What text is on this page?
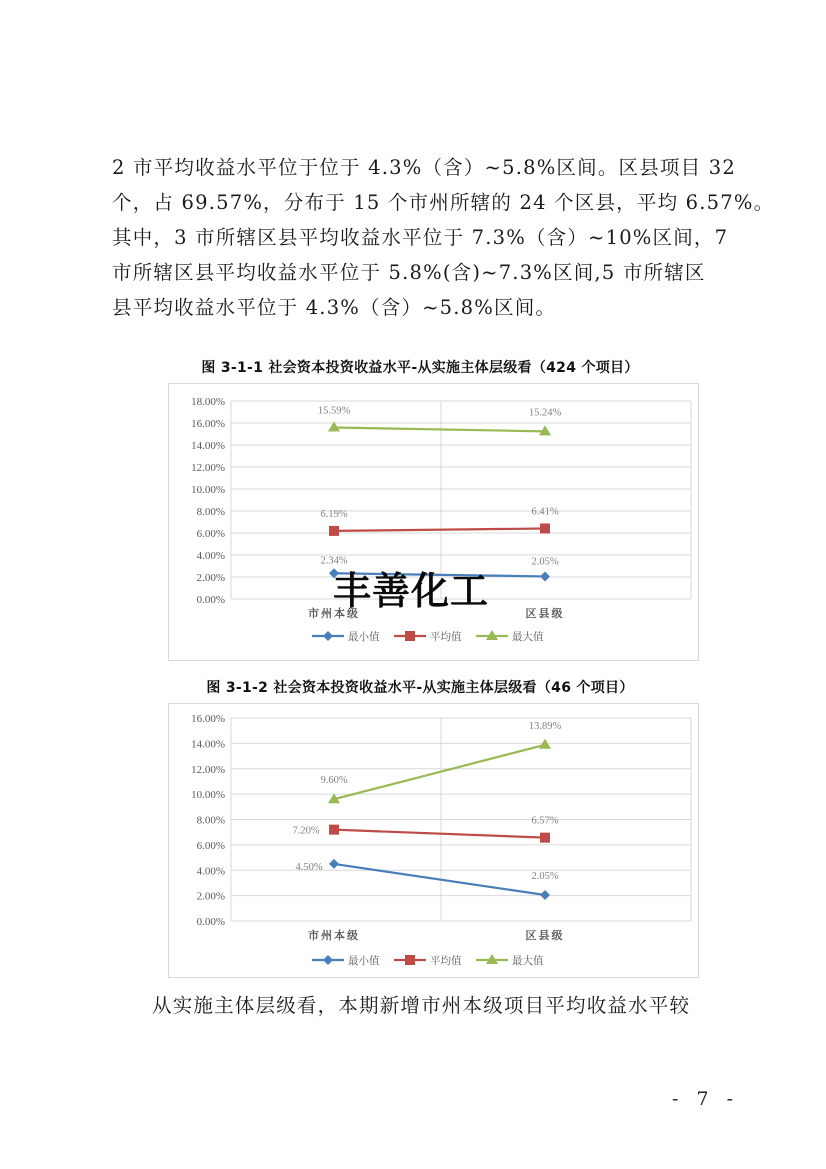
2 市平均收益水平位于位于 4.3%（含）~5.8%区间。区县项目 32
个，占 69.57%，分布于 15 个市州所辖的 24 个区县，平均 6.57%。
其中，3 市所辖区县平均收益水平位于 7.3%（含）~10%区间，7
市所辖区县平均收益水平位于 5.8%(含)~7.3%区间,5 市所辖区
县平均收益水平位于 4.3%（含）~5.8%区间。
图 3-1-1 社会资本投资收益水平-从实施主体层级看（424 个项目）
0.00%
2.00%
4.00%
6.00%
8.00%
10.00%
12.00%
14.00%
16.00%
18.00%
市州本级	区县级
2.34%	2.05%
6.19%	6.41%
15.59%	15.24%
最小值	平均值	最大值
丰善化工
图 3-1-2 社会资本投资收益水平-从实施主体层级看（46 个项目）
0.00%
2.00%
4.00%
6.00%
8.00%
10.00%
12.00%
14.00%
16.00%
市州本级	区县级
4.50%
2.05%
7.20%
6.57%
9.60%
13.89%
最小值	平均值	最大值
从实施主体层级看，本期新增市州本级项目平均收益水平较
- 7 -
